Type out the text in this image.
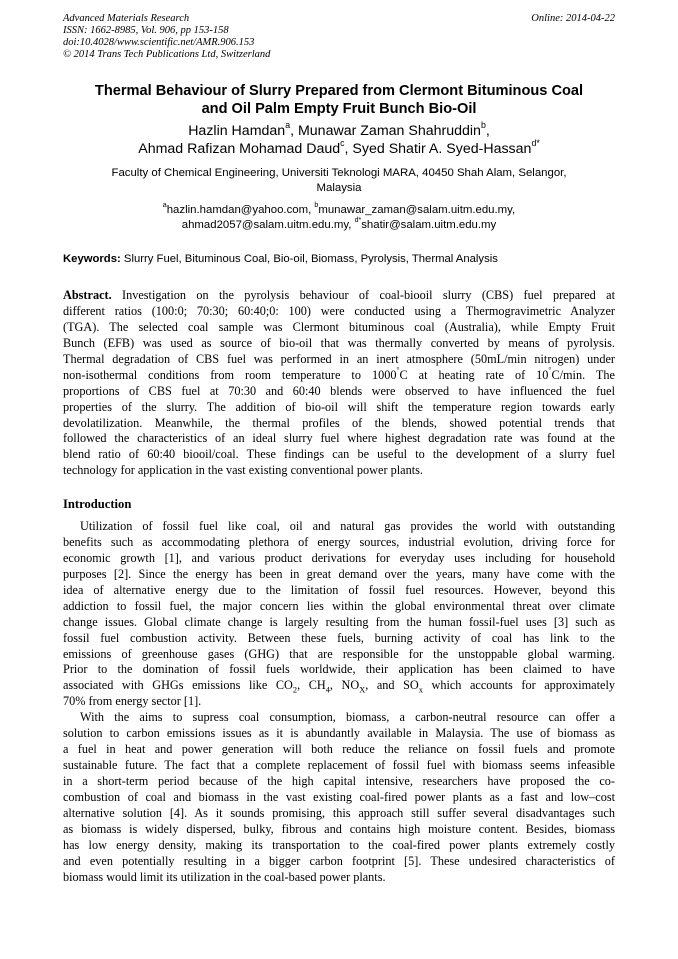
Advanced Materials Research
ISSN: 1662-8985, Vol. 906, pp 153-158
doi:10.4028/www.scientific.net/AMR.906.153
© 2014 Trans Tech Publications Ltd, Switzerland
Online: 2014-04-22
Thermal Behaviour of Slurry Prepared from Clermont Bituminous Coal
and Oil Palm Empty Fruit Bunch Bio-Oil
Hazlin Hamdan$^a$, Munawar Zaman Shahruddin$^b$,
Ahmad Rafizan Mohamad Daud$^c$, Syed Shatir A. Syed-Hassan$^{d*}$
Faculty of Chemical Engineering, Universiti Teknologi MARA, 40450 Shah Alam, Selangor,
Malaysia
$^a$hazlin.hamdan@yahoo.com, $^b$munawar_zaman@salam.uitm.edu.my,
ahmad2057@salam.uitm.edu.my, $^{d*}$shatir@salam.uitm.edu.my
Keywords: Slurry Fuel, Bituminous Coal, Bio-oil, Biomass, Pyrolysis, Thermal Analysis
Abstract. Investigation on the pyrolysis behaviour of coal-biooil slurry (CBS) fuel prepared at
different ratios (100:0; 70:30; 60:40;0: 100) were conducted using a Thermogravimetric Analyzer
(TGA). The selected coal sample was Clermont bituminous coal (Australia), while Empty Fruit
Bunch (EFB) was used as source of bio-oil that was thermally converted by means of pyrolysis.
Thermal degradation of CBS fuel was performed in an inert atmosphere (50mL/min nitrogen) under
non-isothermal conditions from room temperature to 1000°C at heating rate of 10°C/min. The
proportions of CBS fuel at 70:30 and 60:40 blends were observed to have influenced the fuel
properties of the slurry. The addition of bio-oil will shift the temperature region towards early
devolatilization. Meanwhile, the thermal profiles of the blends, showed potential trends that
followed the characteristics of an ideal slurry fuel where highest degradation rate was found at the
blend ratio of 60:40 biooil/coal. These findings can be useful to the development of a slurry fuel
technology for application in the vast existing conventional power plants.
Introduction
Utilization of fossil fuel like coal, oil and natural gas provides the world with outstanding
benefits such as accommodating plethora of energy sources, industrial evolution, driving force for
economic growth [1], and various product derivations for everyday uses including for household
purposes [2]. Since the energy has been in great demand over the years, many have come with the
idea of alternative energy due to the limitation of fossil fuel resources. However, beyond this
addiction to fossil fuel, the major concern lies within the global environmental threat over climate
change issues. Global climate change is largely resulting from the human fossil-fuel uses [3] such as
fossil fuel combustion activity. Between these fuels, burning activity of coal has link to the
emissions of greenhouse gases (GHG) that are responsible for the unstoppable global warming.
Prior to the domination of fossil fuels worldwide, their application has been claimed to have
associated with GHGs emissions like $CO_2$, $CH_4$, $NO_X$, and $SO_x$ which accounts for approximately
70% from energy sector [1].
With the aims to supress coal consumption, biomass, a carbon-neutral resource can offer a
solution to carbon emissions issues as it is abundantly available in Malaysia. The use of biomass as
a fuel in heat and power generation will both reduce the reliance on fossil fuels and promote
sustainable future. The fact that a complete replacement of fossil fuel with biomass seems infeasible
in a short-term period because of the high capital intensive, researchers have proposed the co-
combustion of coal and biomass in the vast existing coal-fired power plants as a fast and low–cost
alternative solution [4]. As it sounds promising, this approach still suffer several disadvantages such
as biomass is widely dispersed, bulky, fibrous and contains high moisture content. Besides, biomass
has low energy density, making its transportation to the coal-fired power plants extremely costly
and even potentially resulting in a bigger carbon footprint [5]. These undesired characteristics of
biomass would limit its utilization in the coal-based power plants.
